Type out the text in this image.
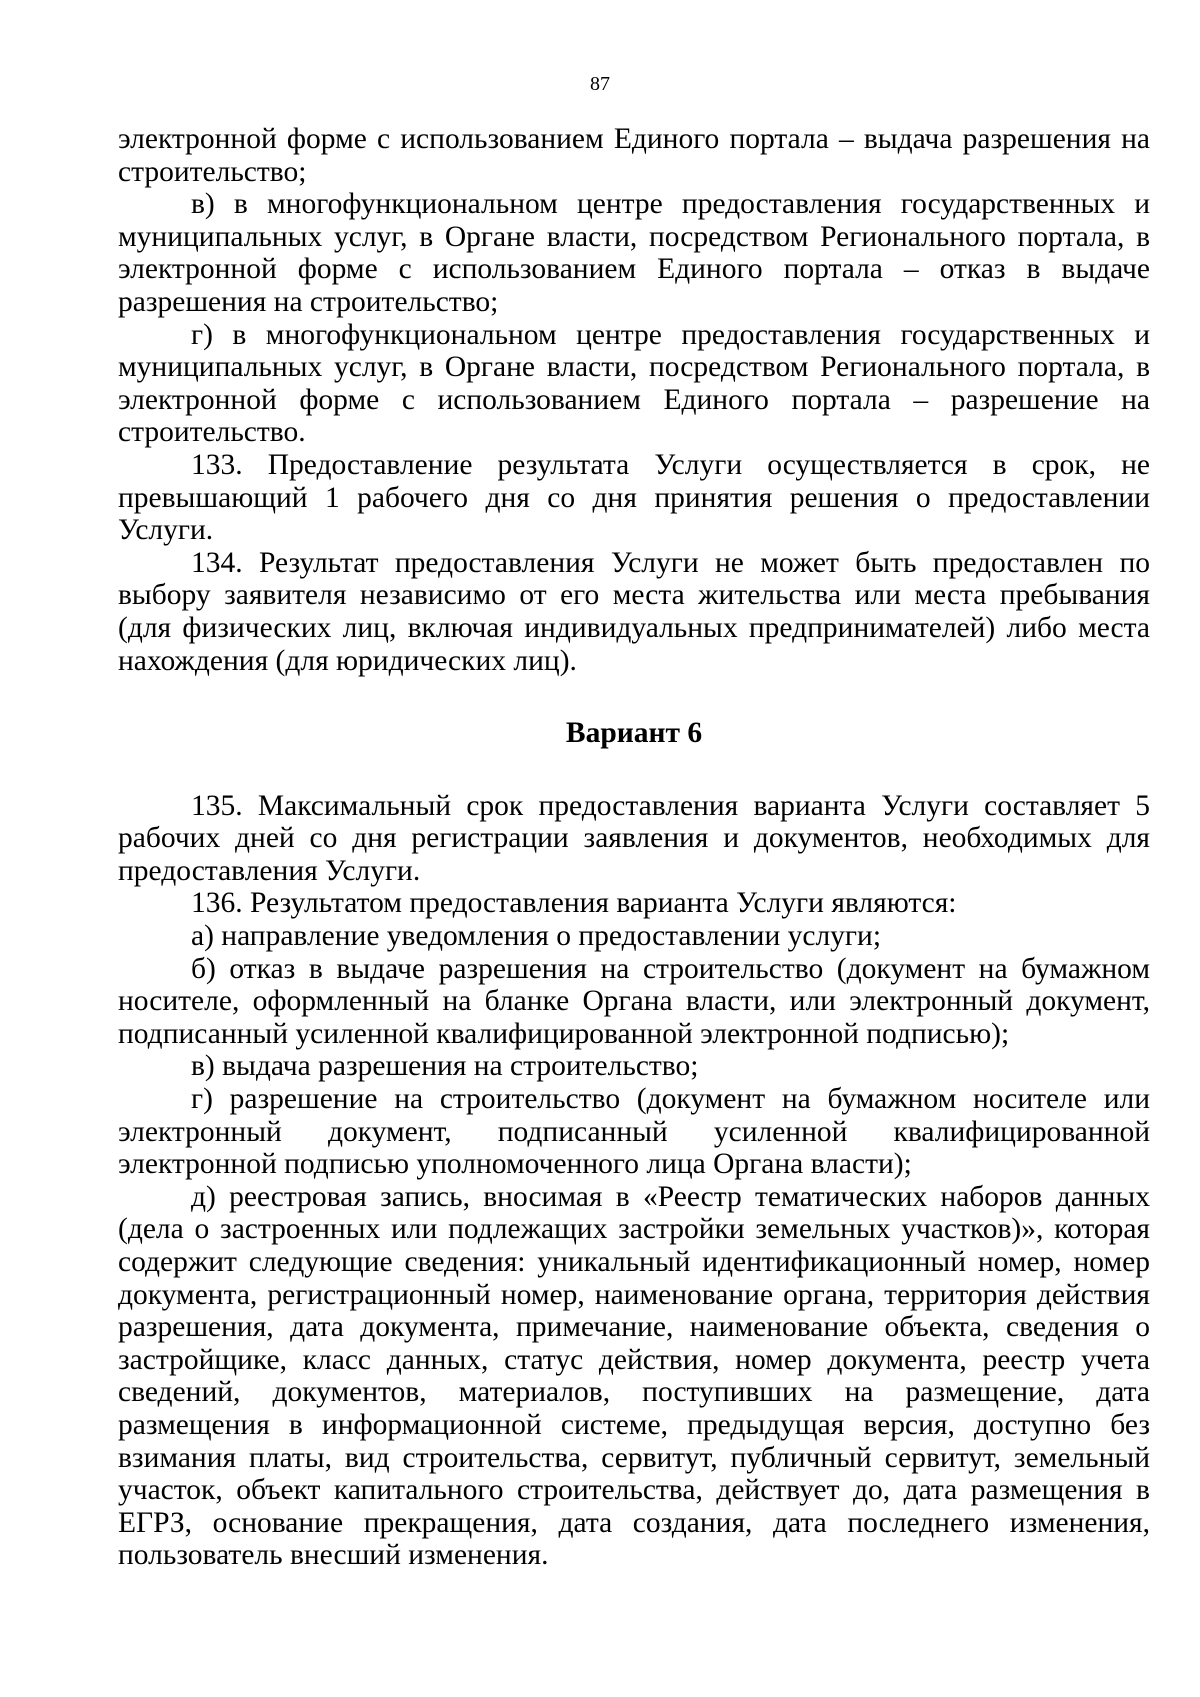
87

электронной форме с использованием Единого портала – выдача разрешения на строительство;

в) в многофункциональном центре предоставления государственных и муниципальных услуг, в Органе власти, посредством Регионального портала, в электронной форме с использованием Единого портала – отказ в выдаче разрешения на строительство;

г) в многофункциональном центре предоставления государственных и муниципальных услуг, в Органе власти, посредством Регионального портала, в электронной форме с использованием Единого портала – разрешение на строительство.

133. Предоставление результата Услуги осуществляется в срок, не превышающий 1 рабочего дня со дня принятия решения о предоставлении Услуги.

134. Результат предоставления Услуги не может быть предоставлен по выбору заявителя независимо от его места жительства или места пребывания (для физических лиц, включая индивидуальных предпринимателей) либо места нахождения (для юридических лиц).

Вариант 6

135. Максимальный срок предоставления варианта Услуги составляет 5 рабочих дней со дня регистрации заявления и документов, необходимых для предоставления Услуги.

136. Результатом предоставления варианта Услуги являются:

а) направление уведомления о предоставлении услуги;

б) отказ в выдаче разрешения на строительство (документ на бумажном носителе, оформленный на бланке Органа власти, или электронный документ, подписанный усиленной квалифицированной электронной подписью);

в) выдача разрешения на строительство;

г) разрешение на строительство (документ на бумажном носителе или электронный документ, подписанный усиленной квалифицированной электронной подписью уполномоченного лица Органа власти);

д) реестровая запись, вносимая в «Реестр тематических наборов данных (дела о застроенных или подлежащих застройки земельных участков)», которая содержит следующие сведения: уникальный идентификационный номер, номер документа, регистрационный номер, наименование органа, территория действия разрешения, дата документа, примечание, наименование объекта, сведения о застройщике, класс данных, статус действия, номер документа, реестр учета сведений, документов, материалов, поступивших на размещение, дата размещения в информационной системе, предыдущая версия, доступно без взимания платы, вид строительства, сервитут, публичный сервитут, земельный участок, объект капитального строительства, действует до, дата размещения в ЕГРЗ, основание прекращения, дата создания, дата последнего изменения, пользователь внесший изменения.
